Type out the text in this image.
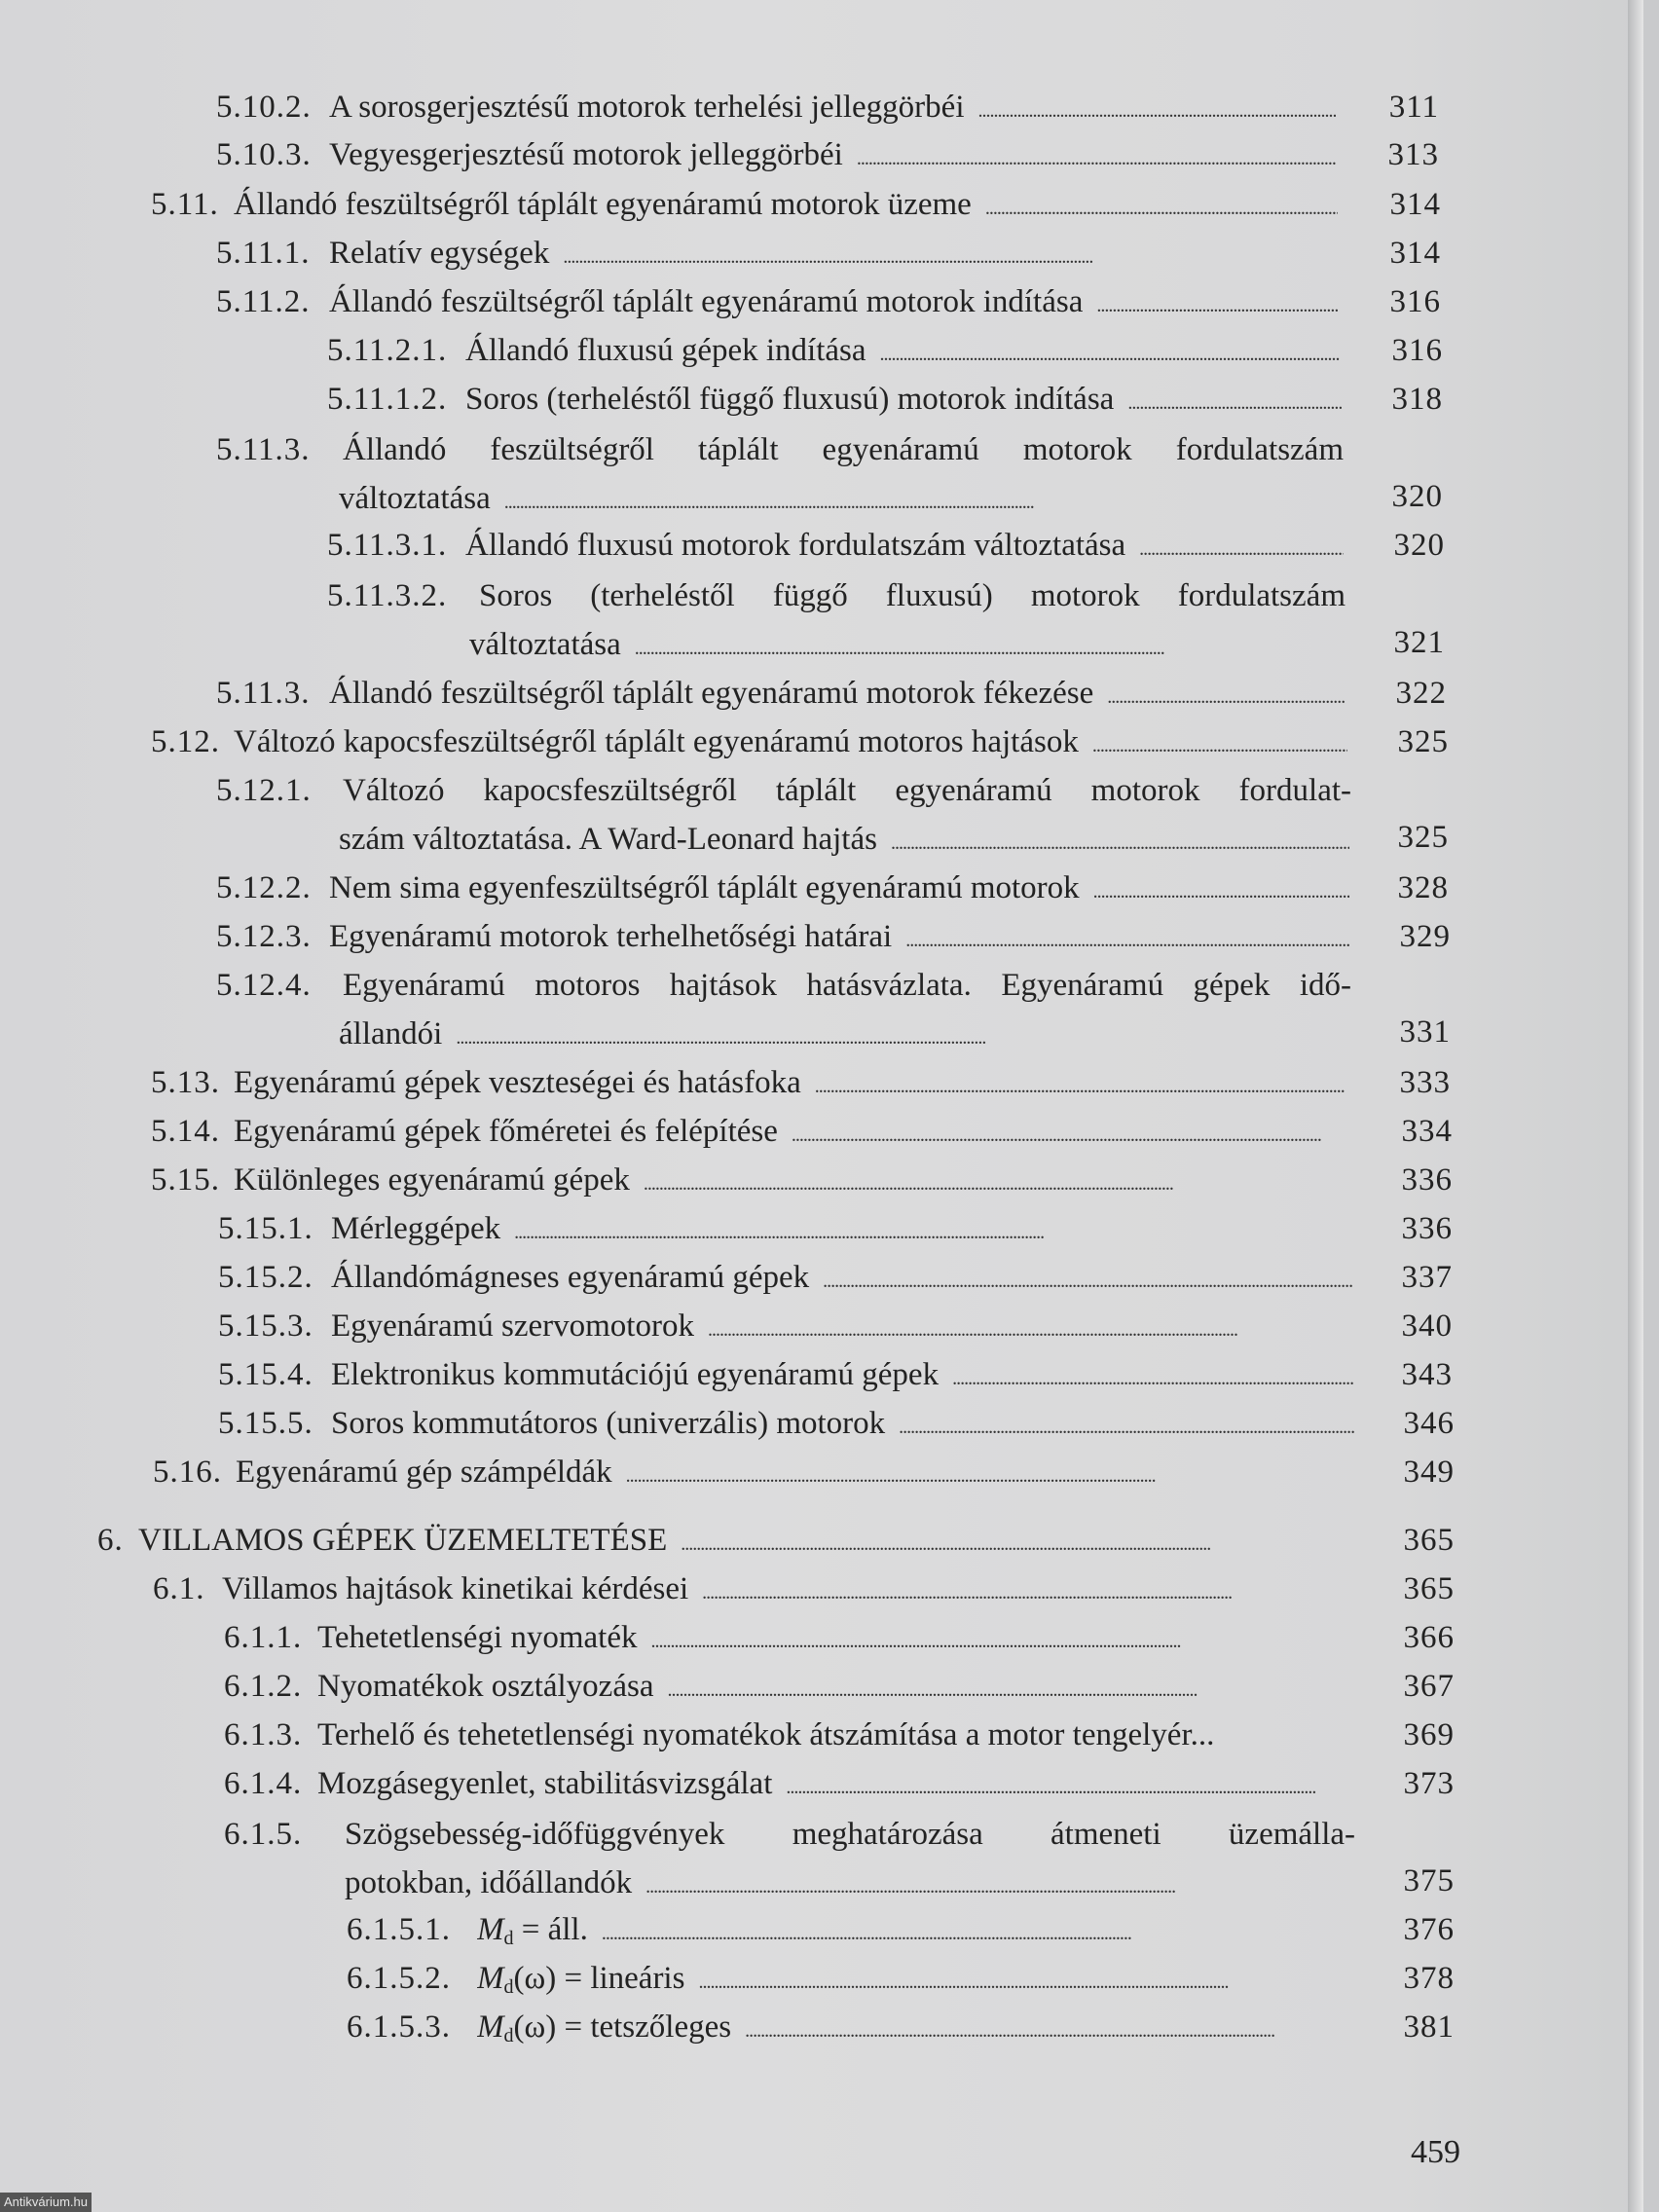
5.10.2. A sorosgerjesztésű motorok terhelési jelleggörbéi . . .	311
5.10.3. Vegyesgerjesztésű motorok jelleggörbéi . . .	313
5.11. Állandó feszültségről táplált egyenáramú motorok üzeme . . .	314
5.11.1. Relatív egységek . . .	314
5.11.2. Állandó feszültségről táplált egyenáramú motorok indítása . . .	316
5.11.2.1. Állandó fluxusú gépek indítása . . .	316
5.11.1.2. Soros (terheléstől függő fluxusú) motorok indítása . . .	318
5.11.3. Állandó feszültségről táplált egyenáramú motorok fordulatszám
változtatása . . .	320
5.11.3.1. Állandó fluxusú motorok fordulatszám változtatása . . .	320
5.11.3.2. Soros (terheléstől függő fluxusú) motorok fordulatszám
változtatása . . .	321
5.11.3. Állandó feszültségről táplált egyenáramú motorok fékezése . . .	322
5.12. Változó kapocsfeszültségről táplált egyenáramú motoros hajtások . . .	325
5.12.1. Változó kapocsfeszültségről táplált egyenáramú motorok fordulat-
szám változtatása. A Ward-Leonard hajtás . . .	325
5.12.2. Nem sima egyenfeszültségről táplált egyenáramú motorok . . .	328
5.12.3. Egyenáramú motorok terhelhetőségi határai . . .	329
5.12.4. Egyenáramú motoros hajtások hatásvázlata. Egyenáramú gépek idő-
állandói . . .	331
5.13. Egyenáramú gépek veszteségei és hatásfoka . . .	333
5.14. Egyenáramú gépek főméretei és felépítése . . .	334
5.15. Különleges egyenáramú gépek . . .	336
5.15.1. Mérleggépek . . .	336
5.15.2. Állandómágneses egyenáramú gépek . . .	337
5.15.3. Egyenáramú szervomotorok . . .	340
5.15.4. Elektronikus kommutációjú egyenáramú gépek . . .	343
5.15.5. Soros kommutátoros (univerzális) motorok . . .	346
5.16. Egyenáramú gép számpéldák . . .	349
6. VILLAMOS GÉPEK ÜZEMELTETÉSE . . .	365
6.1. Villamos hajtások kinetikai kérdései . . .	365
6.1.1. Tehetetlenségi nyomaték . . .	366
6.1.2. Nyomatékok osztályozása . . .	367
6.1.3. Terhelő és tehetetlenségi nyomatékok átszámítása a motor tengelyér...	369
6.1.4. Mozgásegyenlet, stabilitásvizsgálat . . .	373
6.1.5. Szögsebesség-időfüggvények meghatározása átmeneti üzemálla-
potokban, időállandók . . .	375
6.1.5.1. $M_d$ = áll. . . .	376
6.1.5.2. $M_d(\omega)$ = lineáris . . .	378
6.1.5.3. $M_d(\omega)$ = tetszőleges . . .	381
459
Antikvárium.hu
